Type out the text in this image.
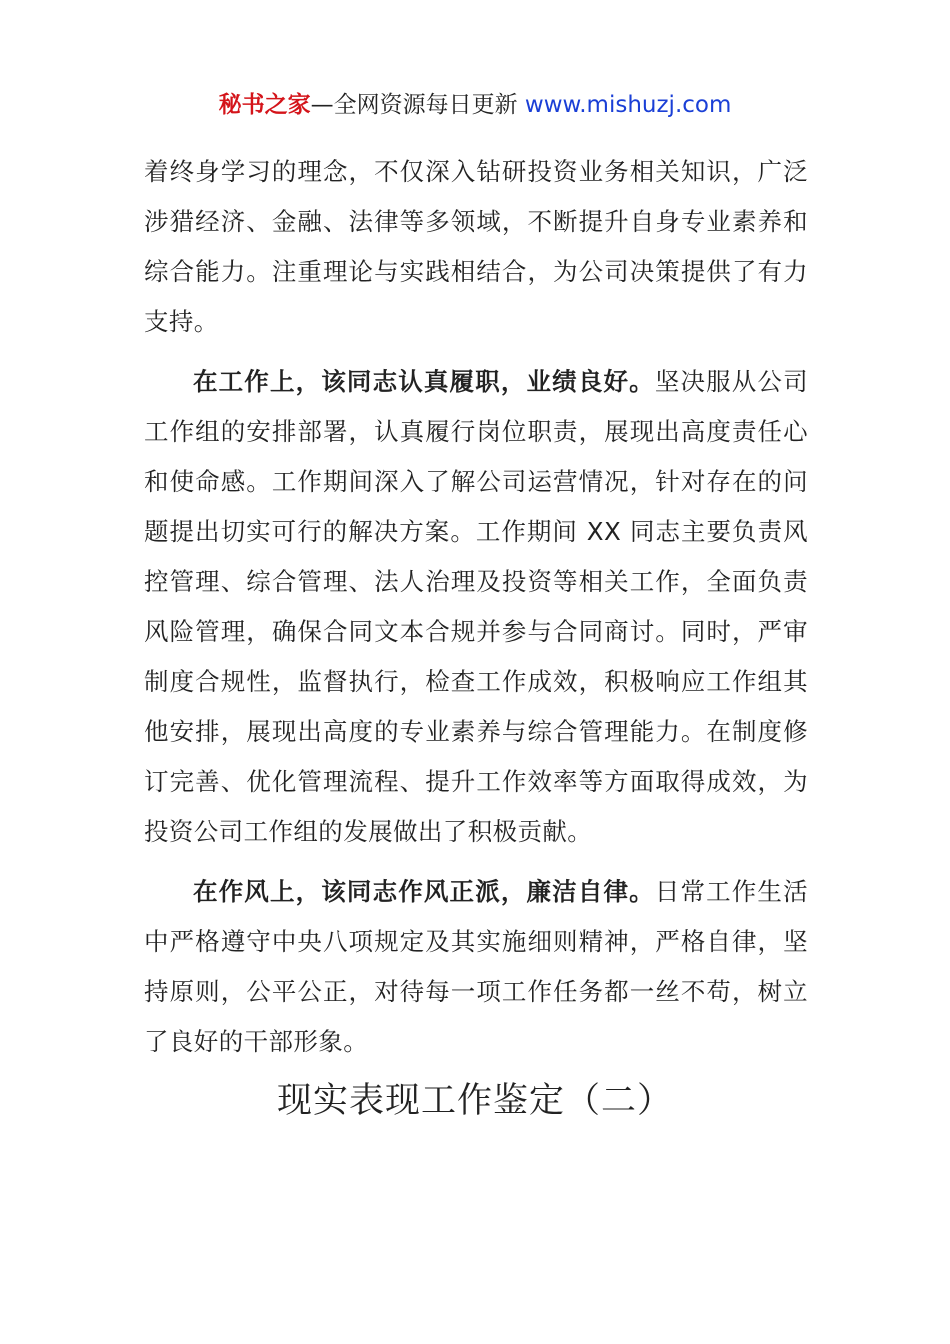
秘书之家—全网资源每日更新 www.mishuzj.com

着终身学习的理念，不仅深入钻研投资业务相关知识，广泛涉猎经济、金融、法律等多领域，不断提升自身专业素养和综合能力。注重理论与实践相结合，为公司决策提供了有力支持。

在工作上，该同志认真履职，业绩良好。坚决服从公司工作组的安排部署，认真履行岗位职责，展现出高度责任心和使命感。工作期间深入了解公司运营情况，针对存在的问题提出切实可行的解决方案。工作期间 XX 同志主要负责风控管理、综合管理、法人治理及投资等相关工作，全面负责风险管理，确保合同文本合规并参与合同商讨。同时，严审制度合规性，监督执行，检查工作成效，积极响应工作组其他安排，展现出高度的专业素养与综合管理能力。在制度修订完善、优化管理流程、提升工作效率等方面取得成效，为投资公司工作组的发展做出了积极贡献。

在作风上，该同志作风正派，廉洁自律。日常工作生活中严格遵守中央八项规定及其实施细则精神，严格自律，坚持原则，公平公正，对待每一项工作任务都一丝不苟，树立了良好的干部形象。

现实表现工作鉴定（二）
